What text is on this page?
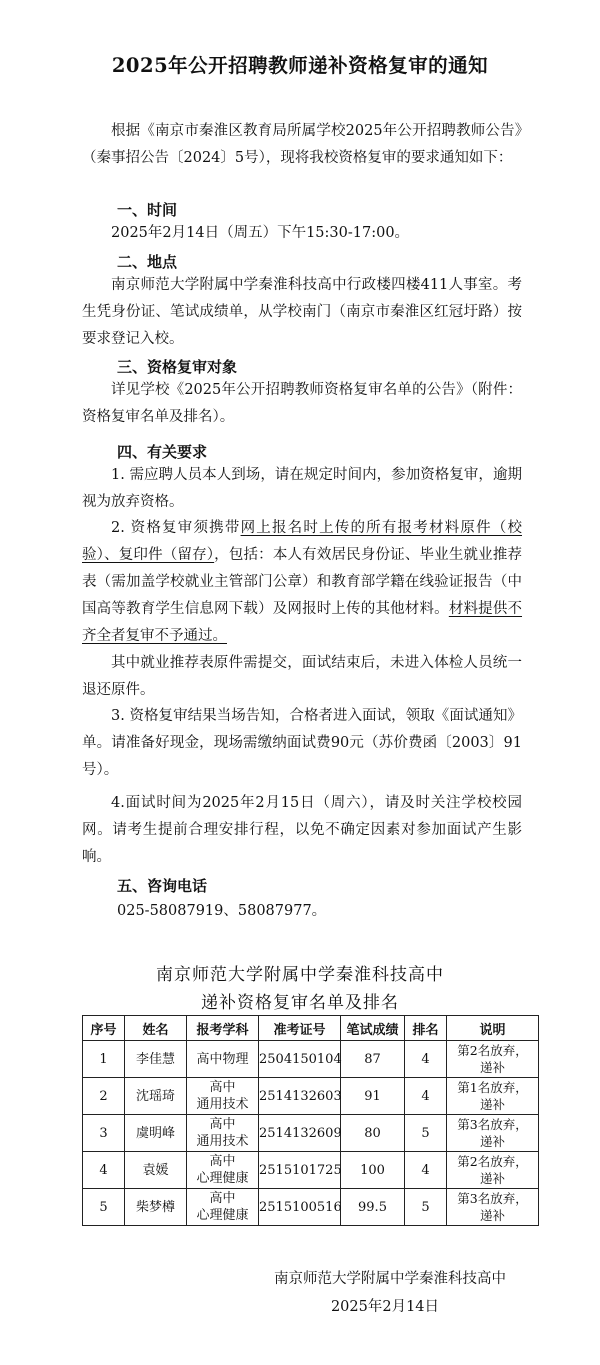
2025年公开招聘教师递补资格复审的通知

根据《南京市秦淮区教育局所属学校2025年公开招聘教师公告》（秦事招公告〔2024〕5号），现将我校资格复审的要求通知如下：

一、时间

2025年2月14日（周五）下午15:30-17:00。

二、地点

南京师范大学附属中学秦淮科技高中行政楼四楼411人事室。考生凭身份证、笔试成绩单，从学校南门（南京市秦淮区红冠圩路）按要求登记入校。

三、资格复审对象

详见学校《2025年公开招聘教师资格复审名单的公告》（附件：资格复审名单及排名）。

四、有关要求

1. 需应聘人员本人到场，请在规定时间内，参加资格复审，逾期视为放弃资格。

2. 资格复审须携带网上报名时上传的所有报考材料原件（校验）、复印件（留存），包括：本人有效居民身份证、毕业生就业推荐表（需加盖学校就业主管部门公章）和教育部学籍在线验证报告（中国高等教育学生信息网下载）及网报时上传的其他材料。材料提供不齐全者复审不予通过。

其中就业推荐表原件需提交，面试结束后，未进入体检人员统一退还原件。

3. 资格复审结果当场告知，合格者进入面试，领取《面试通知》单。请准备好现金，现场需缴纳面试费90元（苏价费函〔2003〕91号）。

4.面试时间为2025年2月15日（周六），请及时关注学校校园网。请考生提前合理安排行程，以免不确定因素对参加面试产生影响。

五、咨询电话

025-58087919、58087977。

南京师范大学附属中学秦淮科技高中
递补资格复审名单及排名
序号	姓名	报考学科	准考证号	笔试成绩	排名	说明
1	李佳慧	高中物理	2504150104	87	4	第2名放弃，
递补
2	沈瑶琦	高中
通用技术	2514132603	91	4	第1名放弃，
递补
3	虞明峰	高中
通用技术	2514132609	80	5	第3名放弃，
递补
4	袁媛	高中
心理健康	2515101725	100	4	第2名放弃，
递补
5	柴梦樽	高中
心理健康	2515100516	99.5	5	第3名放弃，
递补
南京师范大学附属中学秦淮科技高中
2025年2月14日
